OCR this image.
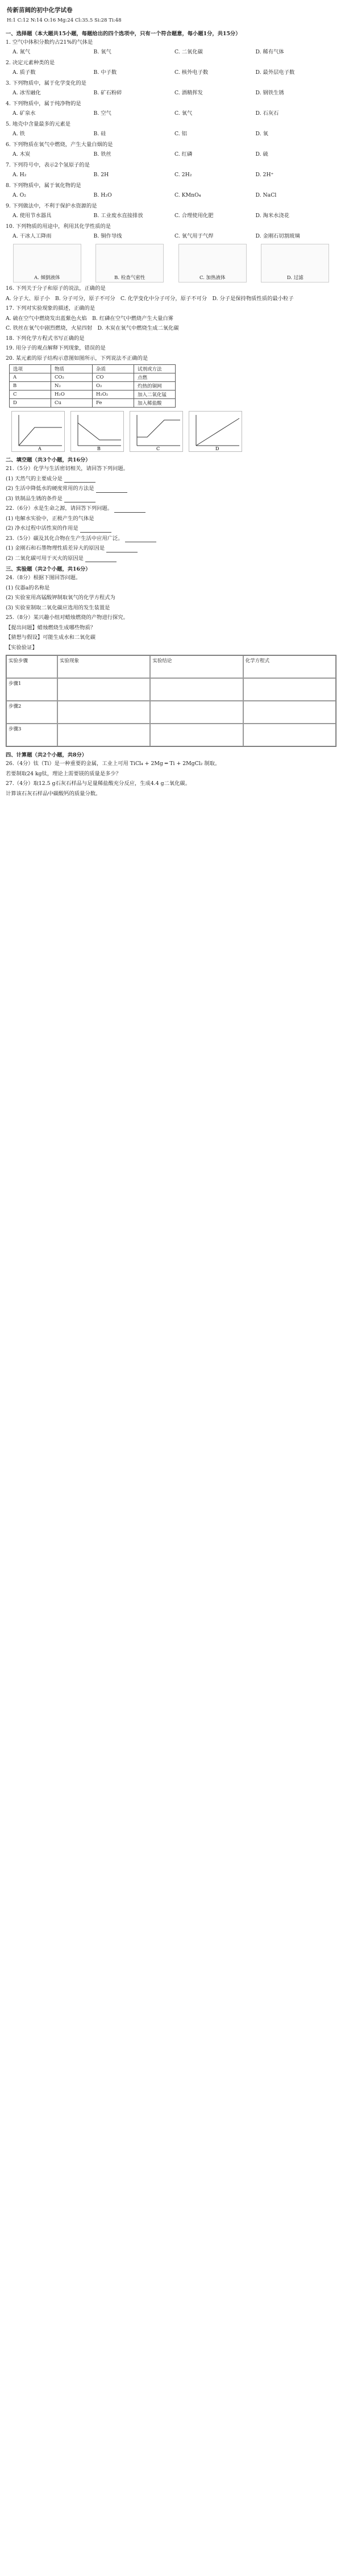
传新苗阔的初中化学试卷
H:1 C:12 N:14 O:16 Mg:24 Cl:35.5 Si:28 Ti:48
一、选择题（本大题共15小题，每题给出的四个选项中，只有一个符合题意，每小题1分，共15分）
1. 空气中体积分数约占21%的气体是
A. 氮气	B. 氧气	C. 二氧化碳	D. 稀有气体
2. 决定元素种类的是
A. 质子数	B. 中子数	C. 核外电子数	D. 最外层电子数
3. 下列物质中，属于化学变化的是
A. 冰雪融化	B. 矿石粉碎	C. 酒精挥发	D. 钢铁生锈
4. 下列物质中，属于纯净物的是
A. 矿泉水	B. 空气	C. 氧气	D. 石灰石
5. 地壳中含量最多的元素是
A. 铁	B. 硅	C. 铝	D. 氧
6. 下列物质在氧气中燃烧，产生大量白烟的是
A. 木炭	B. 铁丝	C. 红磷	D. 硫
7. 下列符号中，表示2个氢原子的是
A. H₂	B. 2H	C. 2H₂	D. 2H⁺
8. 下列物质中，属于氧化物的是
A. O₂	B. H₂O	C. KMnO₄	D. NaCl
9. 下列做法中，不利于保护水资源的是
A. 使用节水器具	B. 工业废水直接排放	C. 合理使用化肥	D. 淘米水浇花
10. 下列物质的用途中，利用其化学性质的是
A. 干冰人工降雨	B. 铜作导线	C. 氧气用于气焊	D. 金刚石切割玻璃
A. 倾倒液体	B. 检查气密性	C. 加热液体	D. 过滤
16. 下列关于分子和原子的说法，正确的是
A. 分子大、原子小　B. 分子可分，原子不可分　C. 化学变化中分子可分，原子不可分　D. 分子是保持物质性质的最小粒子
17. 下列对实验现象的描述，正确的是
A. 硫在空气中燃烧发出蓝紫色火焰　B. 红磷在空气中燃烧产生大量白雾
C. 铁丝在氧气中剧烈燃烧，火星四射　D. 木炭在氧气中燃烧生成二氧化碳
18. 下列化学方程式书写正确的是
19. 用分子的观点解释下列现象，错误的是
20. 某元素的原子结构示意图如图所示，下列说法不正确的是
选项	物质	杂质	试剂或方法
A	CO₂	CO	点燃
B	N₂	O₂	灼热的铜网
C	H₂O	H₂O₂	加入二氧化锰
D	Cu	Fe	加入稀盐酸
A	B	C	D
二、填空题（共3个小题，共16分）
21.（5分）化学与生活密切相关，请回答下列问题。
(1) 天然气的主要成分是
(2) 生活中降低水的硬度常用的方法是
(3) 铁制品生锈的条件是
22.（6分）水是生命之源，请回答下列问题。
(1) 电解水实验中，正极产生的气体是
(2) 净水过程中活性炭的作用是
23.（5分）碳及其化合物在生产生活中应用广泛。
(1) 金刚石和石墨物理性质差异大的原因是
(2) 二氧化碳可用于灭火的原因是
三、实验题（共2个小题，共16分）
24.（8分）根据下图回答问题。
(1) 仪器a的名称是
(2) 实验室用高锰酸钾制取氧气的化学方程式为
(3) 实验室制取二氧化碳应选用的发生装置是
25.（8分）某兴趣小组对蜡烛燃烧的产物进行探究。
【提出问题】蜡烛燃烧生成哪些物质？
【猜想与假设】可能生成水和二氧化碳
【实验验证】
实验步骤	实验现象	实验结论	化学方程式
步骤1
步骤2
步骤3
四、计算题（共2个小题，共8分）
26.（4分）钛（Ti）是一种重要的金属，工业上可用 TiCl₄ + 2Mg ═ Ti + 2MgCl₂ 制取。
若要制取24 kg钛，理论上需要镁的质量是多少？
27.（4分）取12.5 g石灰石样品与足量稀盐酸充分反应，生成4.4 g二氧化碳。
计算该石灰石样品中碳酸钙的质量分数。
